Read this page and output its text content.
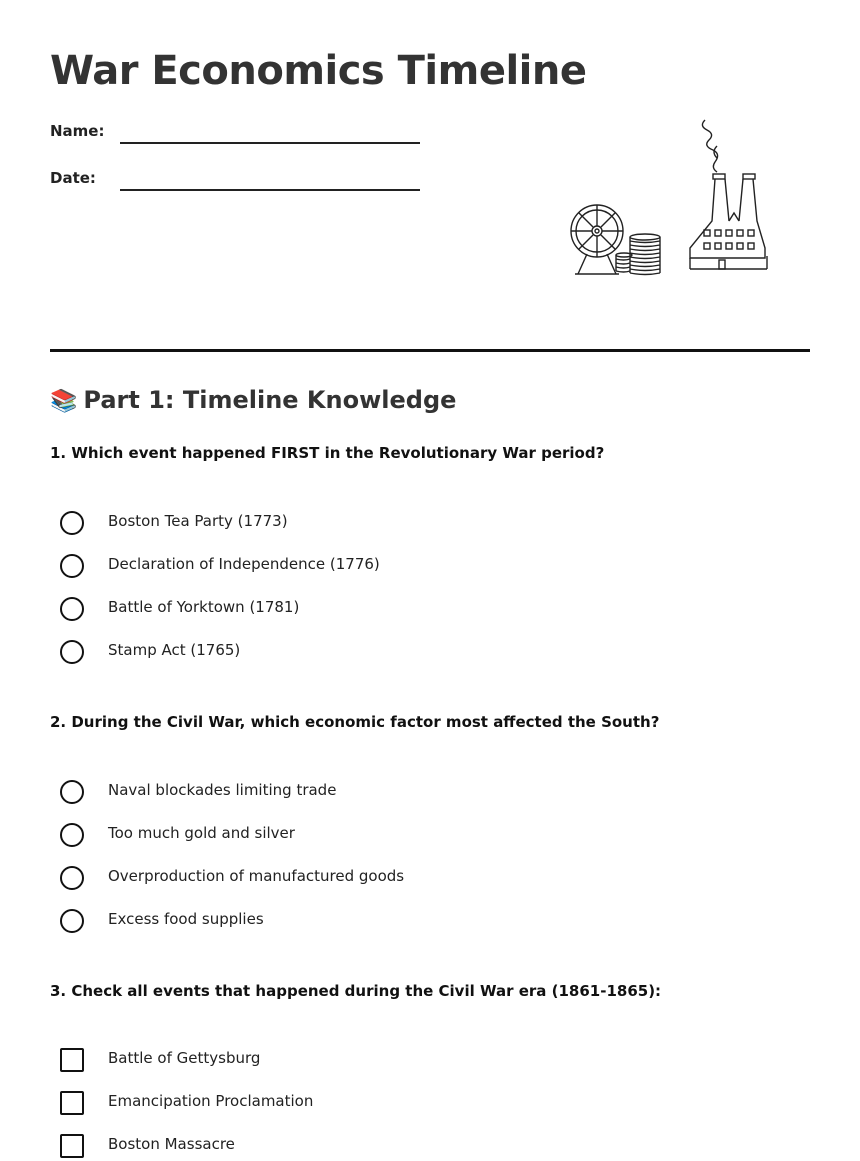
War Economics Timeline
Name:
Date:
📚 Part 1: Timeline Knowledge

1. Which event happened FIRST in the Revolutionary War period?

Boston Tea Party (1773)
Declaration of Independence (1776)
Battle of Yorktown (1781)
Stamp Act (1765)

2. During the Civil War, which economic factor most affected the South?

Naval blockades limiting trade
Too much gold and silver
Overproduction of manufactured goods
Excess food supplies

3. Check all events that happened during the Civil War era (1861-1865):

Battle of Gettysburg
Emancipation Proclamation
Boston Massacre
